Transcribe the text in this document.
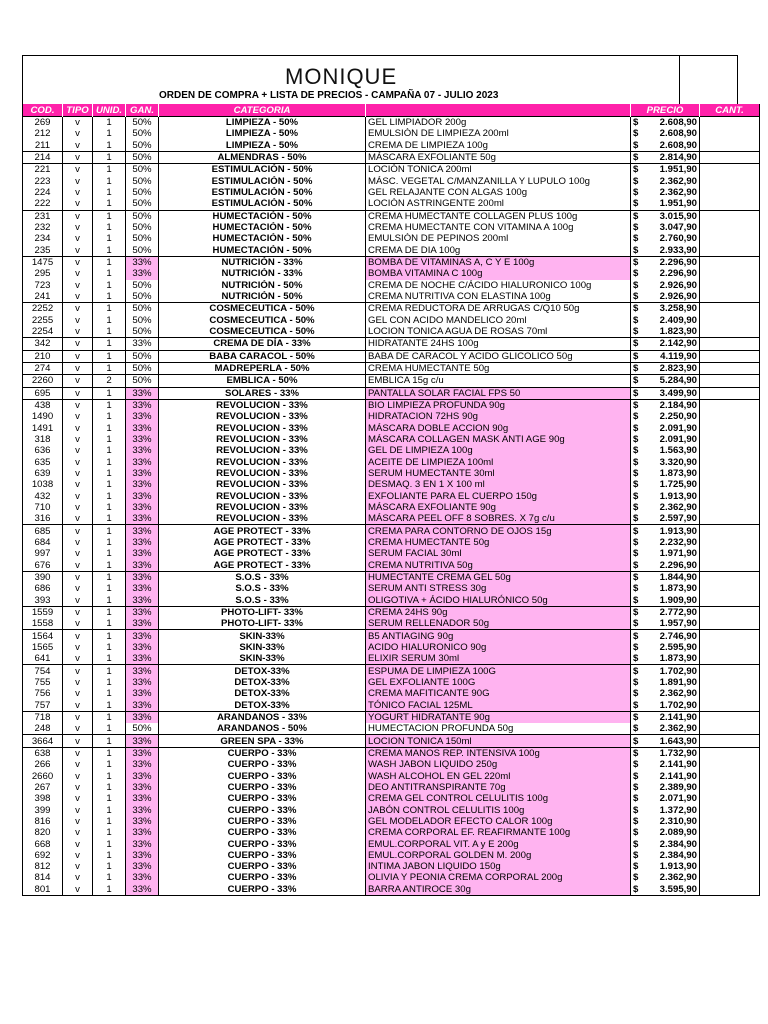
MONIQUE
ORDEN DE COMPRA + LISTA DE PRECIOS - CAMPAÑA 07 - JULIO 2023
COD.	TIPO	UNID.	GAN.	CATEGORIA		PRECIO	CANT.
269	v	1	50%	LIMPIEZA - 50%	GEL LIMPIADOR 200g	$ 2.608,90	

212	v	1	50%	LIMPIEZA - 50%	EMULSIÓN DE LIMPIEZA 200ml	$ 2.608,90	

211	v	1	50%	LIMPIEZA - 50%	CREMA DE LIMPIEZA 100g	$ 2.608,90	

214	v	1	50%	ALMENDRAS - 50%	MÁSCARA EXFOLIANTE 50g	$ 2.814,90	

221	v	1	50%	ESTIMULACIÓN - 50%	LOCIÓN TONICA 200ml	$ 1.951,90	

223	v	1	50%	ESTIMULACIÓN - 50%	MÁSC. VEGETAL C/MANZANILLA Y LUPULO 100g	$ 2.362,90	

224	v	1	50%	ESTIMULACIÓN - 50%	GEL RELAJANTE CON ALGAS 100g	$ 2.362,90	

222	v	1	50%	ESTIMULACIÓN - 50%	LOCIÓN ASTRINGENTE 200ml	$ 1.951,90	

231	v	1	50%	HUMECTACIÓN - 50%	CREMA HUMECTANTE COLLAGEN PLUS 100g	$ 3.015,90	

232	v	1	50%	HUMECTACIÓN - 50%	CREMA HUMECTANTE CON VITAMINA A 100g	$ 3.047,90	

234	v	1	50%	HUMECTACIÓN - 50%	EMULSIÓN DE PEPINOS 200ml	$ 2.760,90	

235	v	1	50%	HUMECTACIÓN - 50%	CREMA DE DIA 100g	$ 2.933,90	

1475	v	1	33%	NUTRICIÓN - 33%	BOMBA DE VITAMINAS A, C Y E 100g	$ 2.296,90	

295	v	1	33%	NUTRICIÓN - 33%	BOMBA VITAMINA C 100g	$ 2.296,90	

723	v	1	50%	NUTRICIÓN - 50%	CREMA DE NOCHE C/ÁCIDO HIALURONICO 100g	$ 2.926,90	

241	v	1	50%	NUTRICIÓN - 50%	CREMA NUTRITIVA CON ELASTINA 100g	$ 2.926,90	

2252	v	1	50%	COSMECEUTICA - 50%	CREMA REDUCTORA DE ARRUGAS C/Q10 50g	$ 3.258,90	

2255	v	1	50%	COSMECEUTICA - 50%	GEL CON ACIDO MANDELICO 20ml	$ 2.409,90	

2254	v	1	50%	COSMECEUTICA - 50%	LOCION TONICA AGUA DE ROSAS 70ml	$ 1.823,90	

342	v	1	33%	CREMA DE DÍA - 33%	HIDRATANTE 24HS 100g	$ 2.142,90	

210	v	1	50%	BABA CARACOL - 50%	BABA DE CARACOL Y ACIDO GLICOLICO 50g	$ 4.119,90	

274	v	1	50%	MADREPERLA - 50%	CREMA HUMECTANTE 50g	$ 2.823,90	

2260	v	2	50%	EMBLICA - 50%	EMBLICA 15g c/u	$ 5.284,90	

695	v	1	33%	SOLARES - 33%	PANTALLA SOLAR FACIAL FPS 50	$ 3.499,90	

438	v	1	33%	REVOLUCION - 33%	BIO LIMPIEZA PROFUNDA 90g	$ 2.184,90	

1490	v	1	33%	REVOLUCION - 33%	HIDRATACION 72HS 90g	$ 2.250,90	

1491	v	1	33%	REVOLUCION - 33%	MÁSCARA DOBLE ACCION 90g	$ 2.091,90	

318	v	1	33%	REVOLUCION - 33%	MÁSCARA COLLAGEN MASK ANTI AGE 90g	$ 2.091,90	

636	v	1	33%	REVOLUCION - 33%	GEL DE LIMPIEZA 100g	$ 1.563,90	

635	v	1	33%	REVOLUCION - 33%	ACEITE DE LIMPIEZA 100ml	$ 3.320,90	

639	v	1	33%	REVOLUCION - 33%	SERUM HUMECTANTE 30ml	$ 1.873,90	

1038	v	1	33%	REVOLUCION - 33%	DESMAQ. 3 EN 1 X 100 ml	$ 1.725,90	

432	v	1	33%	REVOLUCION - 33%	EXFOLIANTE PARA EL CUERPO 150g	$ 1.913,90	

710	v	1	33%	REVOLUCION - 33%	MÁSCARA EXFOLIANTE 90g	$ 2.362,90	

316	v	1	33%	REVOLUCION - 33%	MÁSCARA PEEL OFF 8 SOBRES. X 7g c/u	$ 2.597,90	

685	v	1	33%	AGE PROTECT - 33%	CREMA PARA CONTORNO DE OJOS 15g	$ 1.913,90	

684	v	1	33%	AGE PROTECT - 33%	CREMA HUMECTANTE 50g	$ 2.232,90	

997	v	1	33%	AGE PROTECT - 33%	SERUM FACIAL 30ml	$ 1.971,90	

676	v	1	33%	AGE PROTECT - 33%	CREMA NUTRITIVA 50g	$ 2.296,90	

390	v	1	33%	S.O.S - 33%	HUMECTANTE CREMA GEL 50g	$ 1.844,90	

686	v	1	33%	S.O.S - 33%	SERUM ANTI STRESS 30g	$ 1.873,90	

393	v	1	33%	S.O.S - 33%	OLIGOTIVA + ÁCIDO HIALURÓNICO 50g	$ 1.909,90	

1559	v	1	33%	PHOTO-LIFT- 33%	CREMA 24HS 90g	$ 2.772,90	

1558	v	1	33%	PHOTO-LIFT- 33%	SERUM RELLENADOR 50g	$ 1.957,90	

1564	v	1	33%	SKIN-33%	B5 ANTIAGING 90g	$ 2.746,90	

1565	v	1	33%	SKIN-33%	ACIDO HIALURONICO 90g	$ 2.595,90	

641	v	1	33%	SKIN-33%	ELIXIR SERUM 30ml	$ 1.873,90	

754	v	1	33%	DETOX-33%	ESPUMA DE LIMPIEZA 100G	$ 1.702,90	

755	v	1	33%	DETOX-33%	GEL EXFOLIANTE 100G	$ 1.891,90	

756	v	1	33%	DETOX-33%	CREMA MAFITICANTE 90G	$ 2.362,90	

757	v	1	33%	DETOX-33%	TÓNICO FACIAL 125ML	$ 1.702,90	

718	v	1	33%	ARANDANOS - 33%	YOGURT HIDRATANTE 90g	$ 2.141,90	

248	v	1	50%	ARANDANOS - 50%	HUMECTACION PROFUNDA 50g	$ 2.362,90	

3664	v	1	33%	GREEN SPA - 33%	LOCION TONICA 150ml	$ 1.643,90	

638	v	1	33%	CUERPO - 33%	CREMA MANOS REP. INTENSIVA 100g	$ 1.732,90	

266	v	1	33%	CUERPO - 33%	WASH JABON LIQUIDO 250g	$ 2.141,90	

2660	v	1	33%	CUERPO - 33%	WASH ALCOHOL EN GEL 220ml	$ 2.141,90	

267	v	1	33%	CUERPO - 33%	DEO ANTITRANSPIRANTE 70g	$ 2.389,90	

398	v	1	33%	CUERPO - 33%	CREMA GEL CONTROL CELULITIS 100g	$ 2.071,90	

399	v	1	33%	CUERPO - 33%	JABÓN CONTROL CELULITIS 100g	$ 1.372,90	

816	v	1	33%	CUERPO - 33%	GEL MODELADOR EFECTO CALOR 100g	$ 2.310,90	

820	v	1	33%	CUERPO - 33%	CREMA CORPORAL EF. REAFIRMANTE 100g	$ 2.089,90	

668	v	1	33%	CUERPO - 33%	EMUL.CORPORAL VIT. A y E 200g	$ 2.384,90	

692	v	1	33%	CUERPO - 33%	EMUL.CORPORAL GOLDEN M. 200g	$ 2.384,90	

812	v	1	33%	CUERPO - 33%	INTIMA JABON LIQUIDO 150g	$ 1.913,90	

814	v	1	33%	CUERPO - 33%	OLIVIA Y PEONIA CREMA CORPORAL 200g	$ 2.362,90	

801	v	1	33%	CUERPO - 33%	BARRA ANTIROCE 30g	$ 3.595,90	
